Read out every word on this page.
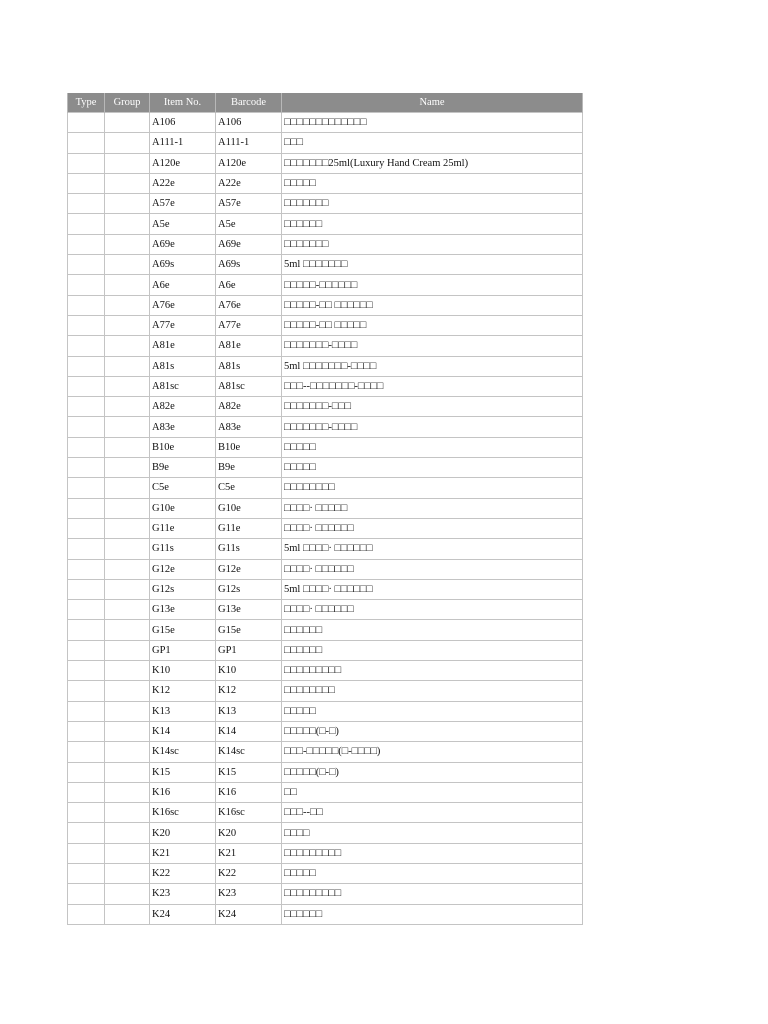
Type	Group	Item No.	Barcode	Name
		A106	A106	□□□□□□□□□□□□□
		A111-1	A111-1	□□□
		A120e	A120e	□□□□□□□25ml(Luxury Hand Cream 25ml)
		A22e	A22e	□□□□□
		A57e	A57e	□□□□□□□
		A5e	A5e	□□□□□□
		A69e	A69e	□□□□□□□
		A69s	A69s	5ml □□□□□□□
		A6e	A6e	□□□□□-□□□□□□
		A76e	A76e	□□□□□-□□ □□□□□□
		A77e	A77e	□□□□□-□□ □□□□□
		A81e	A81e	□□□□□□□-□□□□
		A81s	A81s	5ml □□□□□□□-□□□□
		A81sc	A81sc	□□□--□□□□□□□-□□□□
		A82e	A82e	□□□□□□□-□□□
		A83e	A83e	□□□□□□□-□□□□
		B10e	B10e	□□□□□
		B9e	B9e	□□□□□
		C5e	C5e	□□□□□□□□
		G10e	G10e	□□□□· □□□□□
		G11e	G11e	□□□□· □□□□□□
		G11s	G11s	5ml □□□□· □□□□□□
		G12e	G12e	□□□□· □□□□□□
		G12s	G12s	5ml □□□□· □□□□□□
		G13e	G13e	□□□□· □□□□□□
		G15e	G15e	□□□□□□
		GP1	GP1	□□□□□□
		K10	K10	□□□□□□□□□
		K12	K12	□□□□□□□□
		K13	K13	□□□□□
		K14	K14	□□□□□(□-□)
		K14sc	K14sc	□□□-□□□□□(□-□□□□)
		K15	K15	□□□□□(□-□)
		K16	K16	□□
		K16sc	K16sc	□□□--□□
		K20	K20	□□□□
		K21	K21	□□□□□□□□□
		K22	K22	□□□□□
		K23	K23	□□□□□□□□□
		K24	K24	□□□□□□
